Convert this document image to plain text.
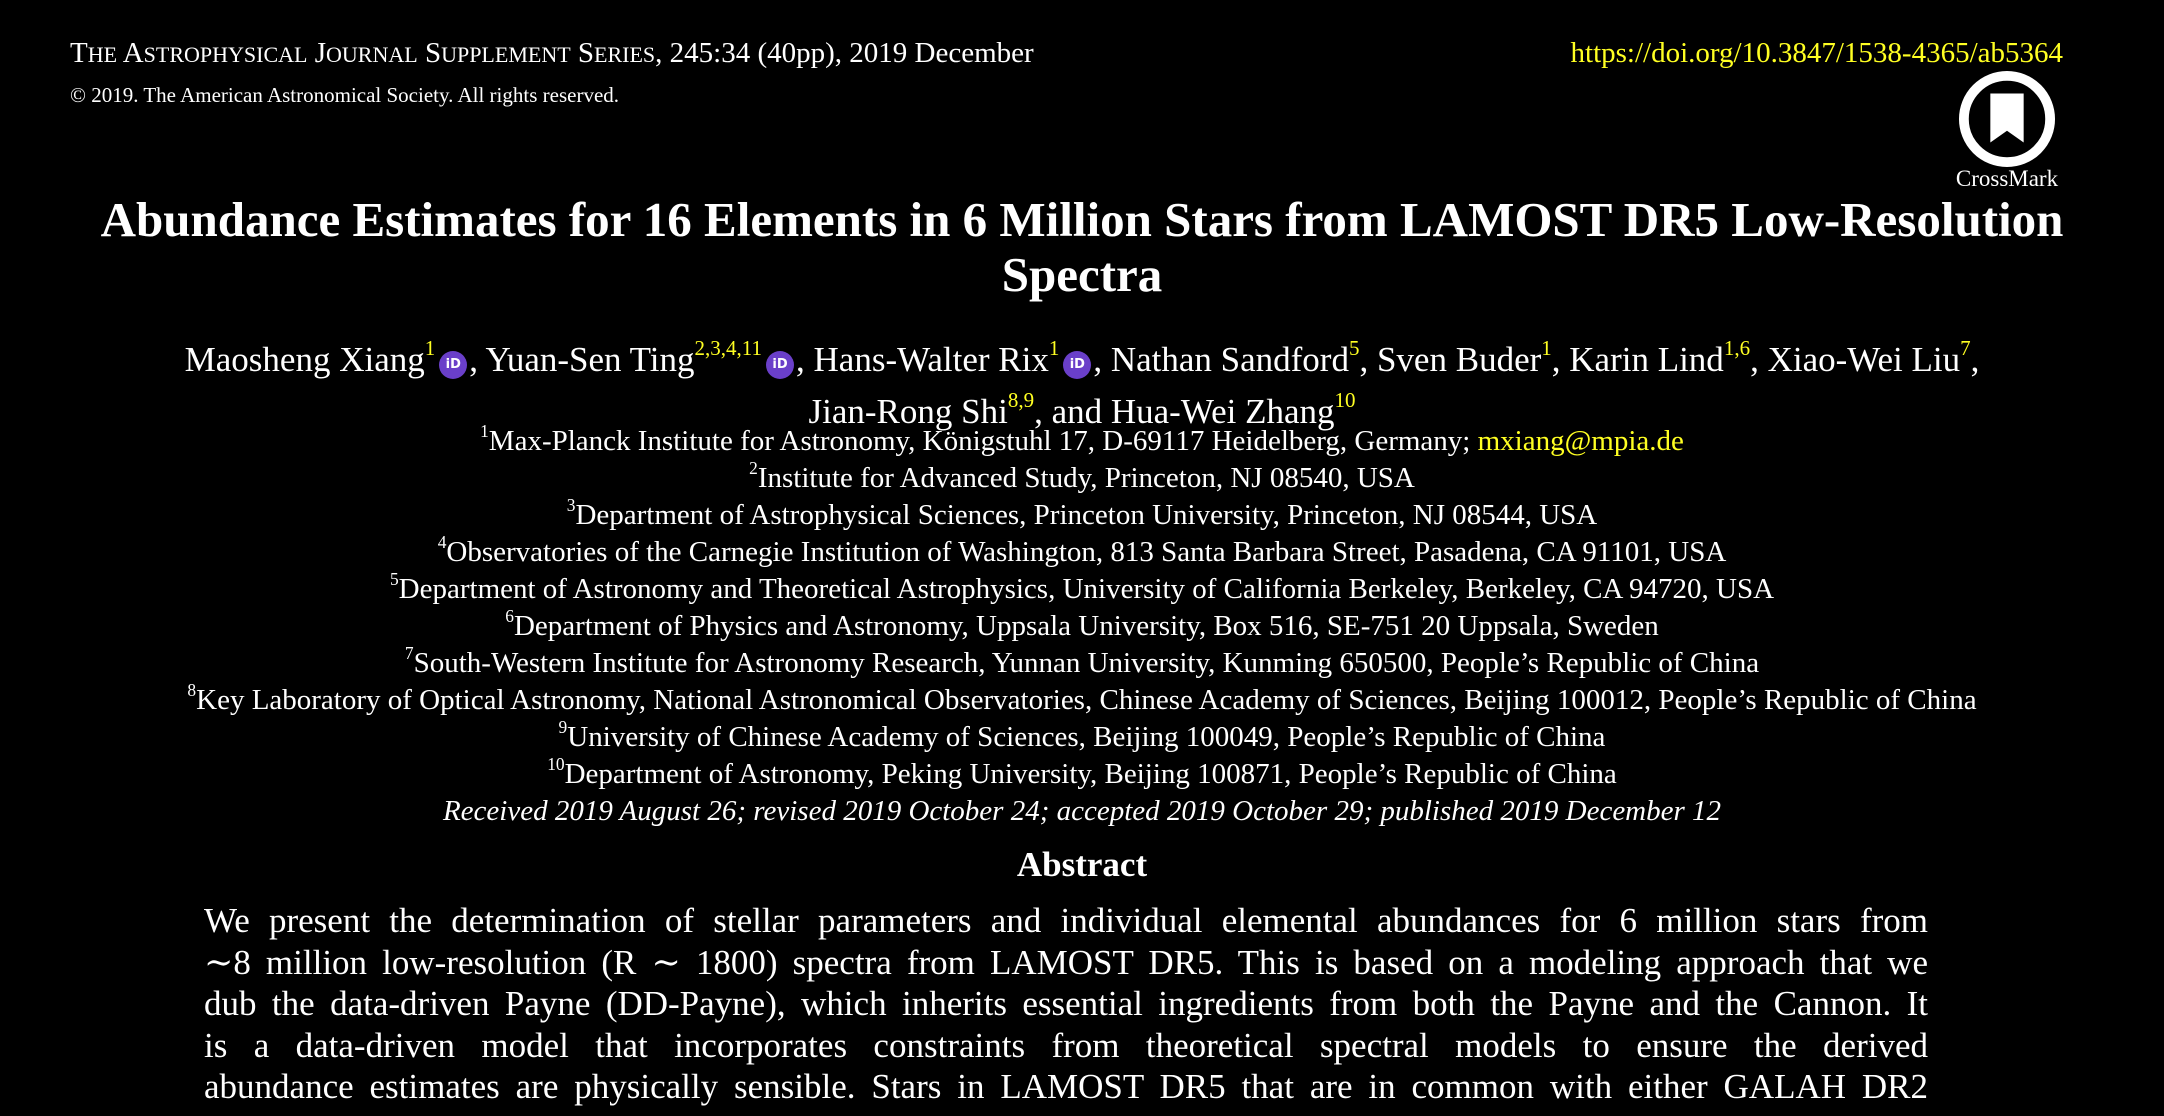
THE ASTROPHYSICAL JOURNAL SUPPLEMENT SERIES, 245:34 (40pp), 2019 December
© 2019. The American Astronomical Society. All rights reserved.
https://doi.org/10.3847/1538-4365/ab5364
CrossMark
Abundance Estimates for 16 Elements in 6 Million Stars from LAMOST DR5 Low-Resolution Spectra
Maosheng Xiang$^1$iD , Yuan-Sen Ting$^{2,3,4,11}$iD , Hans-Walter Rix$^1$iD , Nathan Sandford$^5$, Sven Buder$^1$, Karin Lind$^{1,6}$, Xiao-Wei Liu$^7$,
Jian-Rong Shi$^{8,9}$, and Hua-Wei Zhang$^{10}$
$^1$Max-Planck Institute for Astronomy, Königstuhl 17, D-69117 Heidelberg, Germany; mxiang@mpia.de
$^2$Institute for Advanced Study, Princeton, NJ 08540, USA
$^3$Department of Astrophysical Sciences, Princeton University, Princeton, NJ 08544, USA
$^4$Observatories of the Carnegie Institution of Washington, 813 Santa Barbara Street, Pasadena, CA 91101, USA
$^5$Department of Astronomy and Theoretical Astrophysics, University of California Berkeley, Berkeley, CA 94720, USA
$^6$Department of Physics and Astronomy, Uppsala University, Box 516, SE-751 20 Uppsala, Sweden
$^7$South-Western Institute for Astronomy Research, Yunnan University, Kunming 650500, People’s Republic of China
$^8$Key Laboratory of Optical Astronomy, National Astronomical Observatories, Chinese Academy of Sciences, Beijing 100012, People’s Republic of China
$^9$University of Chinese Academy of Sciences, Beijing 100049, People’s Republic of China
$^{10}$Department of Astronomy, Peking University, Beijing 100871, People’s Republic of China
Received 2019 August 26; revised 2019 October 24; accepted 2019 October 29; published 2019 December 12
Abstract
We present the determination of stellar parameters and individual elemental abundances for 6 million stars from
∼8 million low-resolution (R ∼ 1800) spectra from LAMOST DR5. This is based on a modeling approach that we
dub the data-driven Payne (DD-Payne), which inherits essential ingredients from both the Payne and the Cannon. It
is a data-driven model that incorporates constraints from theoretical spectral models to ensure the derived
abundance estimates are physically sensible. Stars in LAMOST DR5 that are in common with either GALAH DR2
